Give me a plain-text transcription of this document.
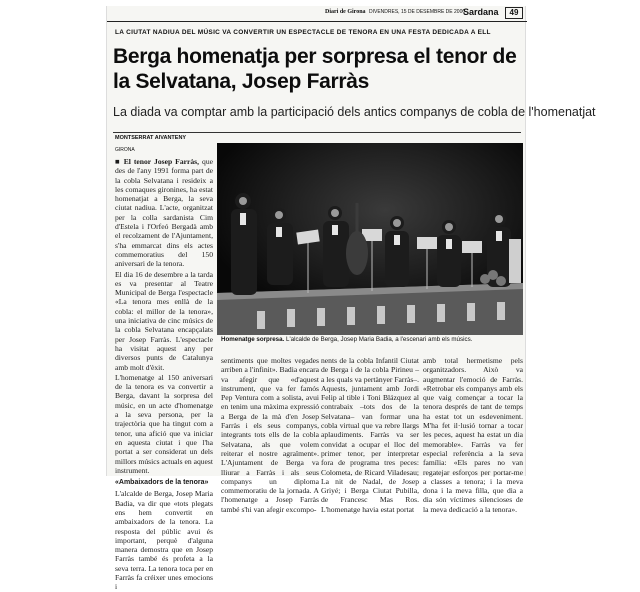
Diari de Girona DIVENDRES, 15 DE DESEMBRE DE 2000
Sardana	49
LA CIUTAT NADIUA DEL MÚSIC VA CONVERTIR UN ESPECTACLE DE TENORA EN UNA FESTA DEDICADA A ELL
Berga homenatja per sorpresa el tenor de la Selvatana, Josep Farràs
La diada va comptar amb la participació dels antics companys de cobla de l'homenatjat
MONTSERRAT AIVANTENY
GIRONA

■ El tenor Josep Farràs, que des de l'any 1991 forma part de la cobla Selvatana i resideix a les comaques gironines, ha estat homenatjat a Berga, la seva ciutat nadiua. L'acte, organitzat per la colla sardanista Cim d'Estela i l'Orfeó Bergadà amb el recolzament de l'Ajuntament, s'ha emmarcat dins els actes commemoratius del 150 aniversari de la tenora.

El dia 16 de desembre a la tarda es va presentar al Teatre Municipal de Berga l'espectacle «La tenora mes enllà de la cobla: el millor de la tenora», una iniciativa de cinc músics de la cobla Selvatana encapçalats per Josep Farràs. L'espectacle ha visitat aquest any per diversos punts de Catalunya amb molt d'èxit.

L'homenatge al 150 aniversari de la tenora es va convertir a Berga, davant la sorpresa del músic, en un acte d'homenatge a la seva persona, per la trajectòria que ha tingut com a tenor, una afició que va iniciar en aquesta ciutat i que l'ha portat a ser considerat un dels millors músics actuals en aquest instrument.

«Ambaixadors de la tenora»

L'alcalde de Berga, Josep Maria Badia, va dir que «tots plegats ens hem convertit en ambaixadors de la tenora. La resposta del públic avui és important, perquè d'alguna manera demostra que en Josep Farràs també és profeta a la seva terra. La tenora toca per en Farràs fa créixer unes emocions i

Homenatge sorpresa. L'alcalde de Berga, Josep Maria Badia, a l'escenari amb els músics.
sentiments que moltes vegades arriben a l'infinit». Badia encara va afegir que «d'aquest instrument, que va fer famós Pep Ventura com a solista, avui en tenim una màxima expressió a Berga de la mà d'en Josep Farràs i els seus companys, integrants tots ells de la cobla Selvatana, als que volem reiterar el nostre agraïment». L'Ajuntament de Berga va lliurar a Farràs i als seus companys un diploma commemoratiu de la jornada. A l'homenatge a Josep Farràs també s'hi van afegir excompo-
nents de la cobla Infantil Ciutat de Berga i de la cobla Pirineu –a les quals va pertànyer Farràs–. Aquests, juntament amb Jordi Felip al tible i Toni Blázquez al contrabaix –tots dos de la Selvatana– van formar una cobla virtual que va rebre llargs aplaudiments. Farràs va ser convidat a ocupar el lloc del primer tenor, per interpretar fora de programa tres peces: Colometa, de Ricard Viladesau; La nit de Nadal, de Josep Griyé; i Berga Ciutat Pubilla, de Francesc Mas Ros. L'homenatge havia estat portat
amb total hermetisme pels organitzadors. Això va augmentar l'emoció de Farràs. «Retrobar els companys amb els que vaig començar a tocar la tenora després de tant de temps ha estat tot un esdeveniment. M'ha fet il·lusió tornar a tocar les peces, aquest ha estat un dia memorable». Farràs va fer especial referència a la seva família: «Els pares no van regatejar esforços per portar-me a classes a tenora; i la meva dona i la meva filla, que dia a dia són víctimes silencioses de la meva dedicació a la tenora».
